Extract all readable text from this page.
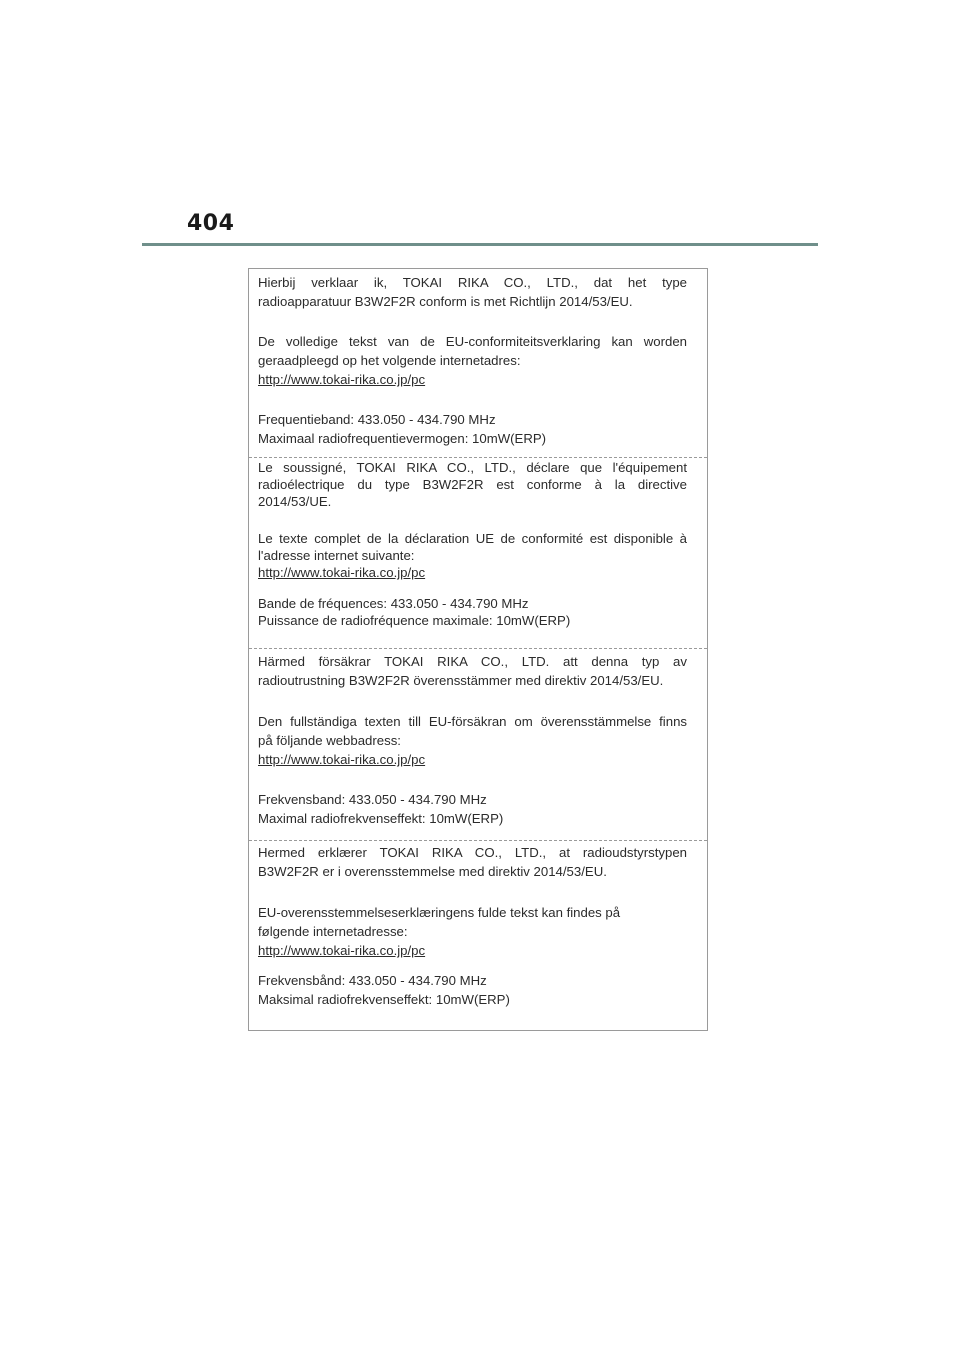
404

Hierbij verklaar ik, TOKAI RIKA CO., LTD., dat het type
radioapparatuur B3W2F2R conform is met Richtlijn 2014/53/EU.

De volledige tekst van de EU-conformiteitsverklaring kan worden
geraadpleegd op het volgende internetadres:
http://www.tokai-rika.co.jp/pc

Frequentieband: 433.050 - 434.790 MHz
Maximaal radiofrequentievermogen: 10mW(ERP)

Le soussigné, TOKAI RIKA CO., LTD., déclare que l'équipement
radioélectrique du type B3W2F2R est conforme à la directive
2014/53/UE.

Le texte complet de la déclaration UE de conformité est disponible à
l'adresse internet suivante:
http://www.tokai-rika.co.jp/pc

Bande de fréquences: 433.050 - 434.790 MHz
Puissance de radiofréquence maximale: 10mW(ERP)

Härmed försäkrar TOKAI RIKA CO., LTD. att denna typ av
radioutrustning B3W2F2R överensstämmer med direktiv 2014/53/EU.

Den fullständiga texten till EU-försäkran om överensstämmelse finns
på följande webbadress:
http://www.tokai-rika.co.jp/pc

Frekvensband: 433.050 - 434.790 MHz
Maximal radiofrekvenseffekt: 10mW(ERP)

Hermed erklærer TOKAI RIKA CO., LTD., at radioudstyrstypen
B3W2F2R er i overensstemmelse med direktiv 2014/53/EU.

EU-overensstemmelseserklæringens fulde tekst kan findes på
følgende internetadresse:
http://www.tokai-rika.co.jp/pc

Frekvensbånd: 433.050 - 434.790 MHz
Maksimal radiofrekvenseffekt: 10mW(ERP)
